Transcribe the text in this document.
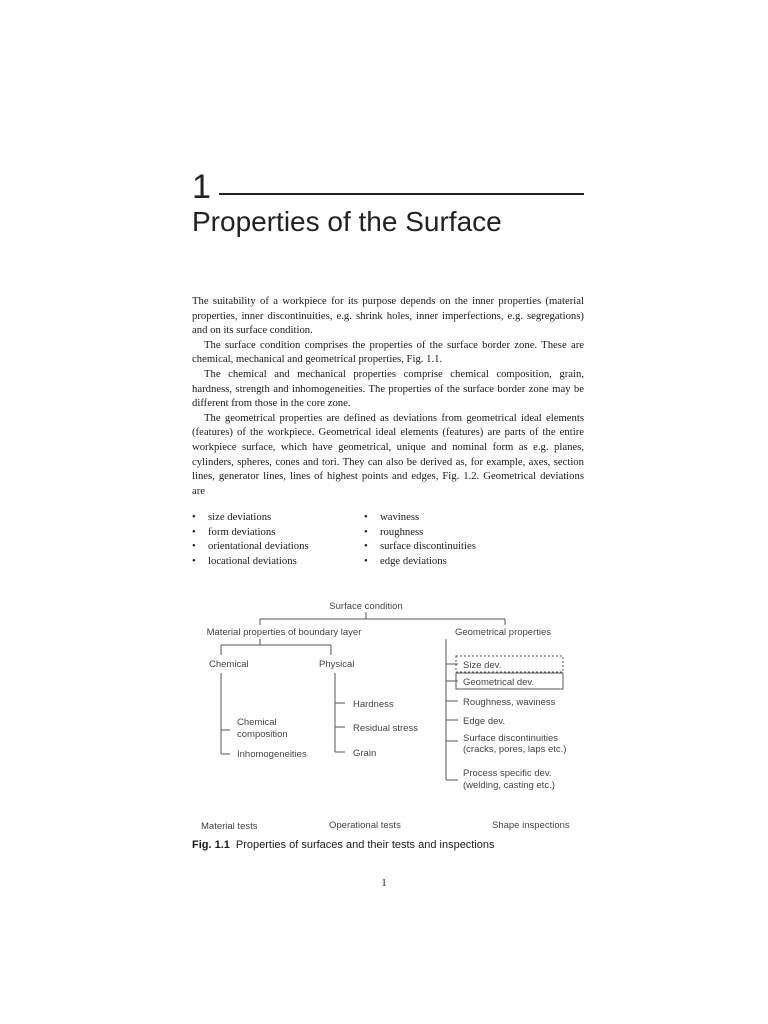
1
Properties of the Surface

The suitability of a workpiece for its purpose depends on the inner properties (material properties, inner discontinuities, e.g. shrink holes, inner imperfections, e.g. segregations) and on its surface condition.

The surface condition comprises the properties of the surface border zone. These are chemical, mechanical and geometrical properties, Fig. 1.1.

The chemical and mechanical properties comprise chemical composition, grain, hardness, strength and inhomogeneities. The properties of the surface border zone may be different from those in the core zone.

The geometrical properties are defined as deviations from geometrical ideal elements (features) of the workpiece. Geometrical ideal elements (features) are parts of the entire workpiece surface, which have geometrical, unique and nominal form as e.g. planes, cylinders, spheres, cones and tori. They can also be derived as, for example, axes, section lines, generator lines, lines of highest points and edges, Fig. 1.2. Geometrical deviations are

• size deviations
• form deviations
• orientational deviations
• locational deviations
• waviness
• roughness
• surface discontinuities
• edge deviations
Surface condition
Material properties of boundary layer	Geometrical properties
Chemical	Physical
Chemical
composition
Inhomogeneities
Hardness
Residual stress
Grain
Size dev.
Geometrical dev.
Roughness, waviness
Edge dev.
Surface discontinuities
(cracks, pores, laps etc.)
Process specific dev.
(welding, casting etc.)
Material tests	Operational tests	Shape inspections
Fig. 1.1 Properties of surfaces and their tests and inspections
1
